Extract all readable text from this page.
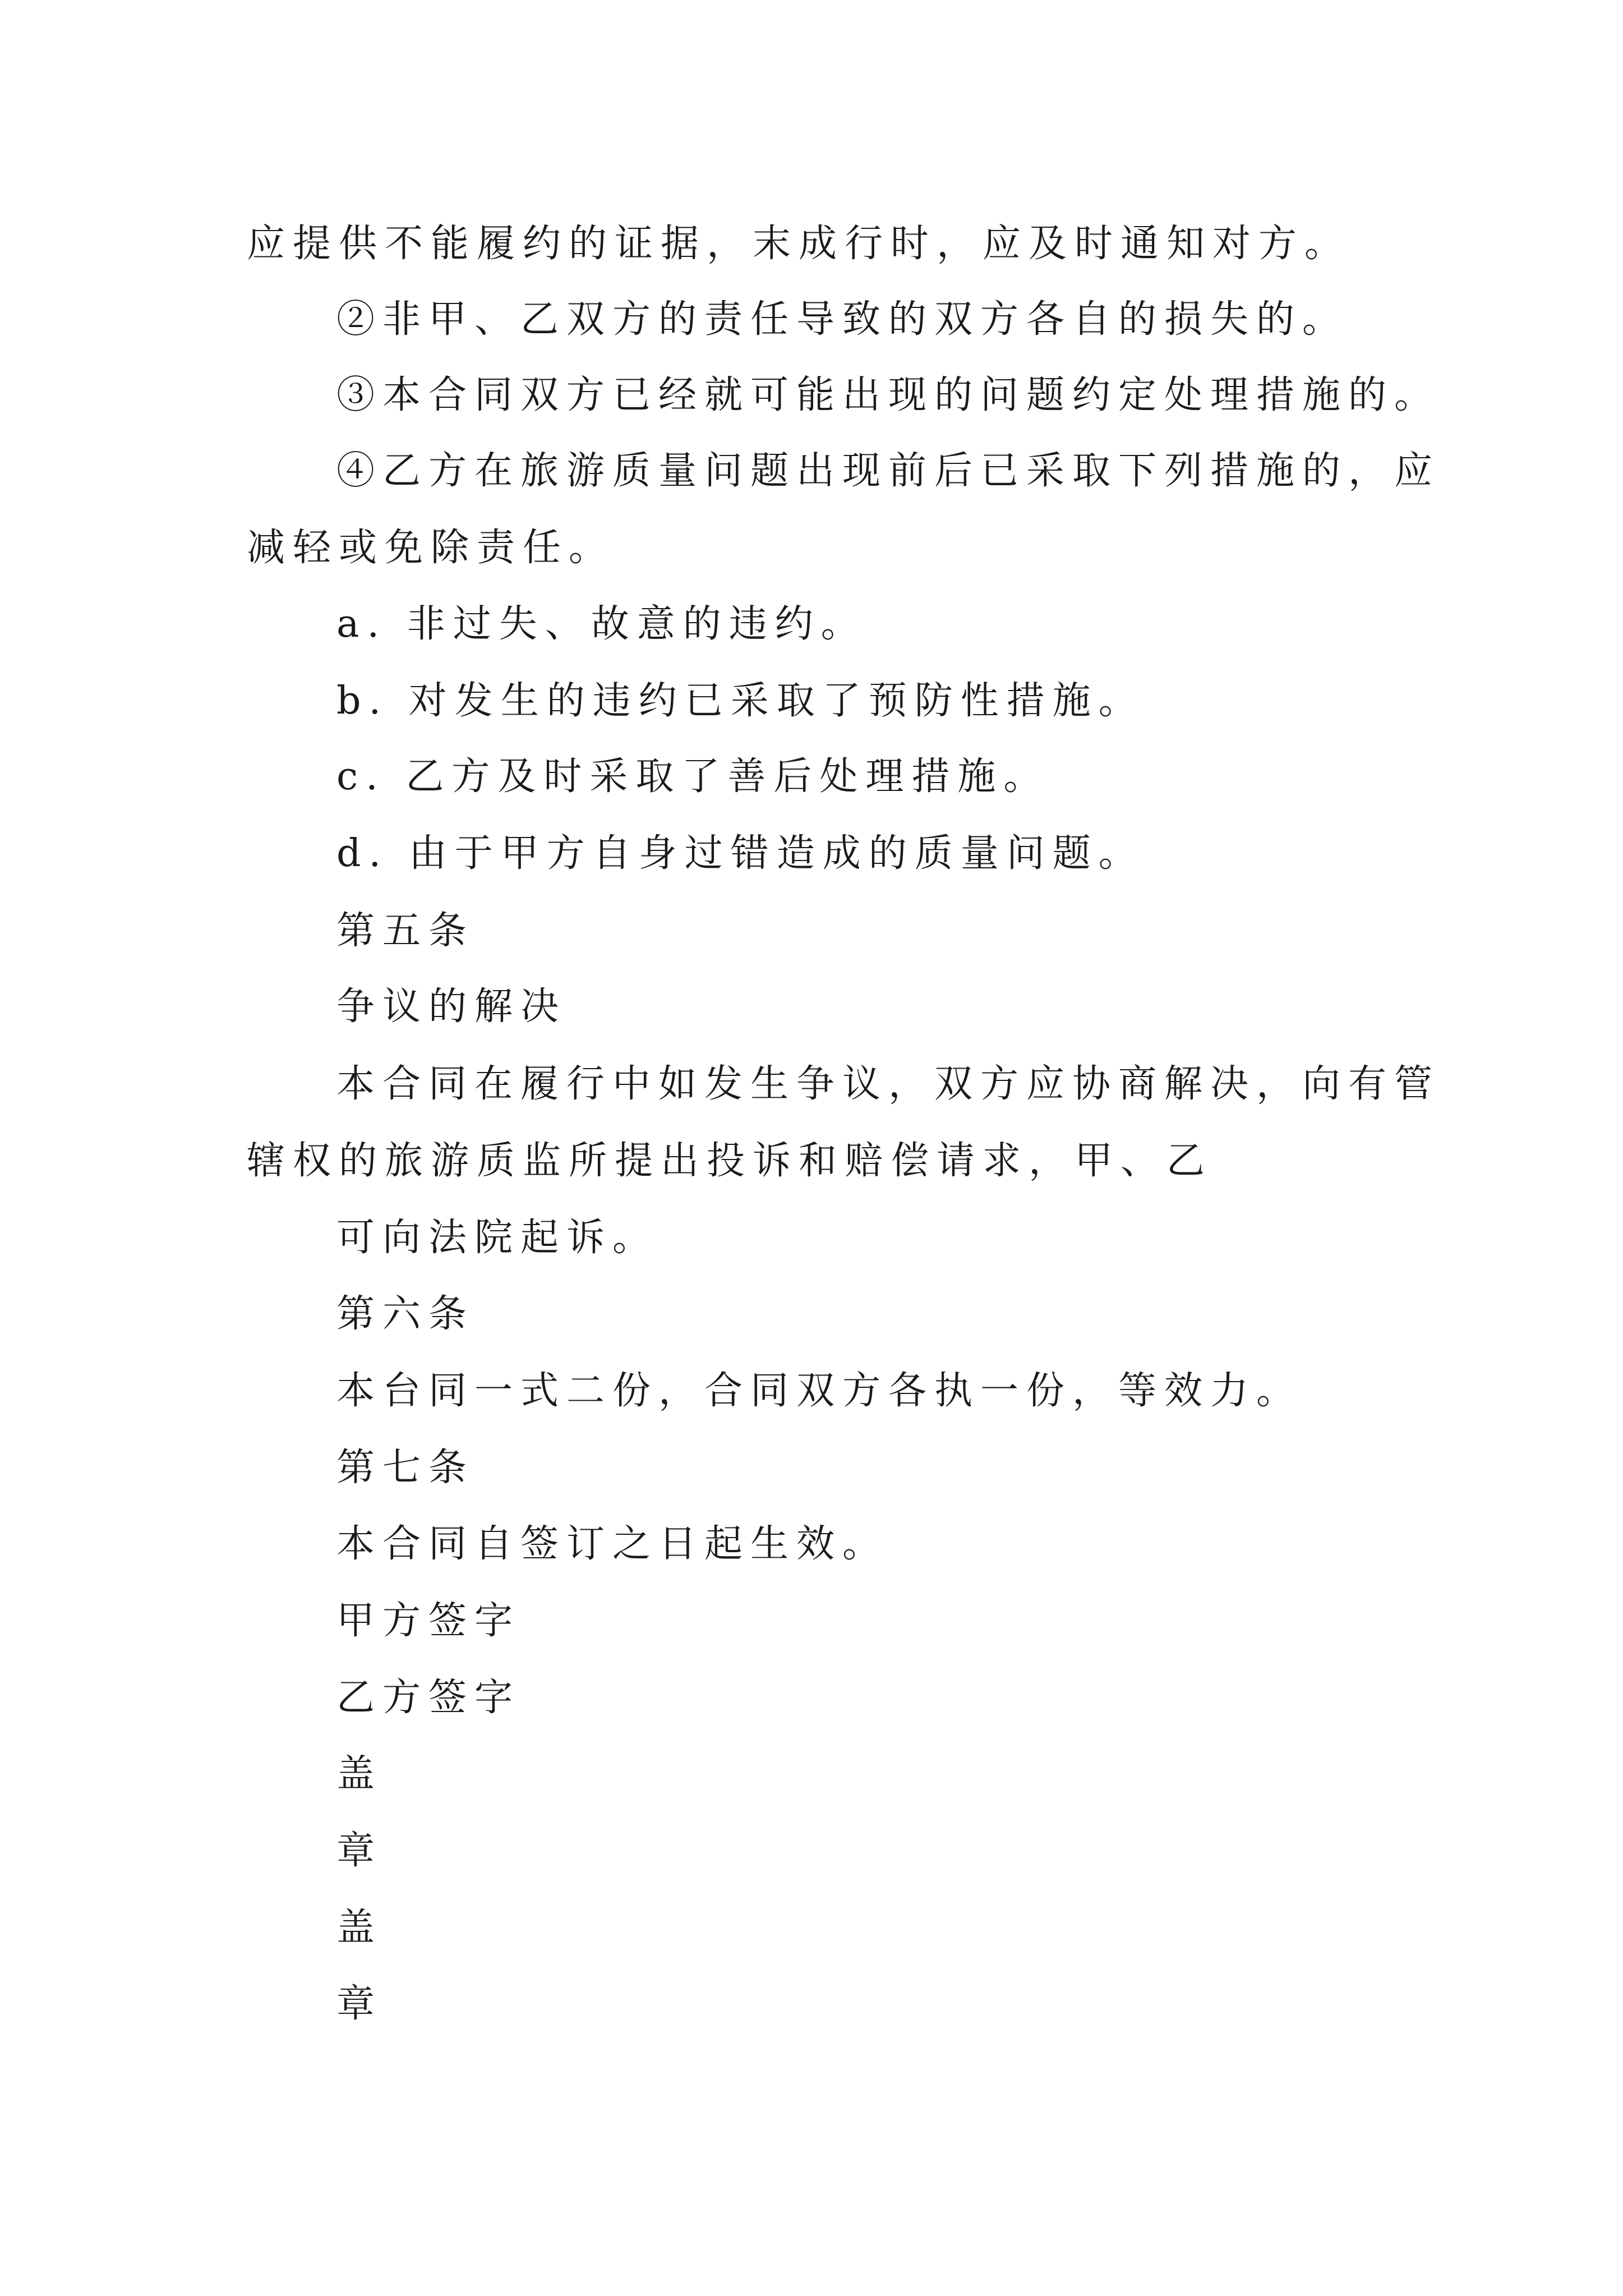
应提供不能履约的证据，末成行时，应及时通知对方。
②非甲、乙双方的责任导致的双方各自的损失的。
③本合同双方已经就可能出现的问题约定处理措施的。
④乙方在旅游质量问题出现前后已采取下列措施的，应
减轻或免除责任。
a. 非过失、故意的违约。
b. 对发生的违约已采取了预防性措施。
c. 乙方及时采取了善后处理措施。
d. 由于甲方自身过错造成的质量问题。
第五条
争议的解决
本合同在履行中如发生争议，双方应协商解决，向有管
辖权的旅游质监所提出投诉和赔偿请求，甲、乙
可向法院起诉。
第六条
本台同一式二份，合同双方各执一份，等效力。
第七条
本合同自签订之日起生效。
甲方签字
乙方签字
盖
章
盖
章
